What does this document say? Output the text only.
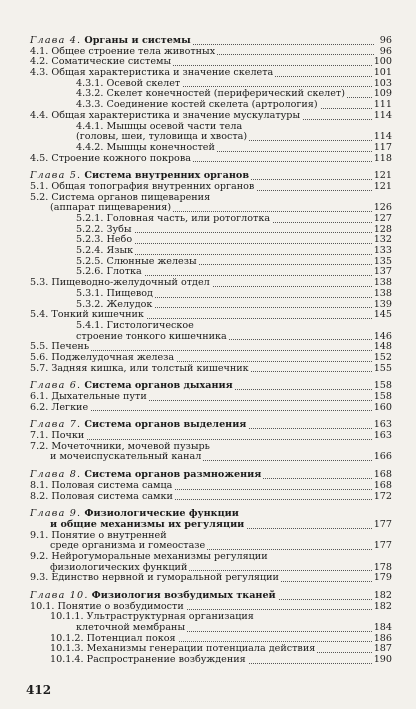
Глава 4. Органы и системы	96
4.1. Общее строение тела животных	96
4.2. Соматические системы	100
4.3. Общая характеристика и значение скелета	101
4.3.1. Осевой скелет	103
4.3.2. Скелет конечностей (периферический скелет)	109
4.3.3. Соединение костей скелета (артрология)	111
4.4. Общая характеристика и значение мускулатуры	114
4.4.1. Мышцы осевой части тела
(головы, шеи, туловища и хвоста)	114
4.4.2. Мышцы конечностей	117
4.5. Строение кожного покрова	118
Глава 5. Система внутренних органов	121
5.1. Общая топография внутренних органов	121
5.2. Система органов пищеварения
(аппарат пищеварения)	126
5.2.1. Головная часть, или ротоглотка	127
5.2.2. Зубы	128
5.2.3. Небо	132
5.2.4. Язык	133
5.2.5. Слюнные железы	135
5.2.6. Глотка	137
5.3. Пищеводно-желудочный отдел	138
5.3.1. Пищевод	138
5.3.2. Желудок	139
5.4. Тонкий кишечник	145
5.4.1. Гистологическое
строение тонкого кишечника	146
5.5. Печень	148
5.6. Поджелудочная железа	152
5.7. Задняя кишка, или толстый кишечник	155
Глава 6. Система органов дыхания	158
6.1. Дыхательные пути	158
6.2. Легкие	160
Глава 7. Система органов выделения	163
7.1. Почки	163
7.2. Мочеточники, мочевой пузырь
и мочеиспускательный канал	166
Глава 8. Система органов размножения	168
8.1. Половая система самца	168
8.2. Половая система самки	172
Глава 9. Физиологические функции
и общие механизмы их регуляции	177
9.1. Понятие о внутренней
среде организма и гомеостазе	177
9.2. Нейрогуморальные механизмы регуляции
физиологических функций	178
9.3. Единство нервной и гуморальной регуляции	179
Глава 10. Физиология возбудимых тканей	182
10.1. Понятие о возбудимости	182
10.1.1. Ультраструктурная организация
клеточной мембраны	184
10.1.2. Потенциал покоя	186
10.1.3. Механизмы генерации потенциала действия	187
10.1.4. Распространение возбуждения	190
412
